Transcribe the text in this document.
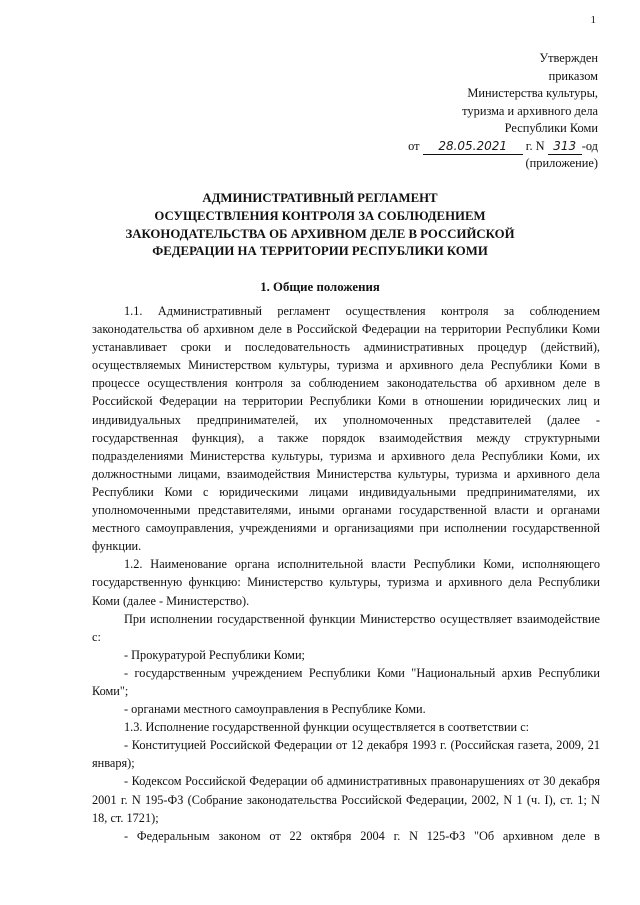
1
Утвержден
приказом
Министерства культуры,
туризма и архивного дела
Республики Коми
от 28.05.2021 г. N 313 -од
(приложение)
АДМИНИСТРАТИВНЫЙ РЕГЛАМЕНТ
ОСУЩЕСТВЛЕНИЯ КОНТРОЛЯ ЗА СОБЛЮДЕНИЕМ
ЗАКОНОДАТЕЛЬСТВА ОБ АРХИВНОМ ДЕЛЕ В РОССИЙСКОЙ
ФЕДЕРАЦИИ НА ТЕРРИТОРИИ РЕСПУБЛИКИ КОМИ
1. Общие положения

1.1. Административный регламент осуществления контроля за соблюдением законодательства об архивном деле в Российской Федерации на территории Республики Коми устанавливает сроки и последовательность административных процедур (действий), осуществляемых Министерством культуры, туризма и архивного дела Республики Коми в процессе осуществления контроля за соблюдением законодательства об архивном деле в Российской Федерации на территории Республики Коми в отношении юридических лиц и индивидуальных предпринимателей, их уполномоченных представителей (далее - государственная функция), а также порядок взаимодействия между структурными подразделениями Министерства культуры, туризма и архивного дела Республики Коми, их должностными лицами, взаимодействия Министерства культуры, туризма и архивного дела Республики Коми с юридическими лицами индивидуальными предпринимателями, их уполномоченными представителями, иными органами государственной власти и органами местного самоуправления, учреждениями и организациями при исполнении государственной функции.

1.2. Наименование органа исполнительной власти Республики Коми, исполняющего государственную функцию: Министерство культуры, туризма и архивного дела Республики Коми (далее - Министерство).

При исполнении государственной функции Министерство осуществляет взаимодействие с:

- Прокуратурой Республики Коми;

- государственным учреждением Республики Коми "Национальный архив Республики Коми";

- органами местного самоуправления в Республике Коми.

1.3. Исполнение государственной функции осуществляется в соответствии с:

- Конституцией Российской Федерации от 12 декабря 1993 г. (Российская газета, 2009, 21 января);

- Кодексом Российской Федерации об административных правонарушениях от 30 декабря 2001 г. N 195-ФЗ (Собрание законодательства Российской Федерации, 2002, N 1 (ч. I), ст. 1; N 18, ст. 1721);

- Федеральным законом от 22 октября 2004 г. N 125-ФЗ "Об архивном деле в
